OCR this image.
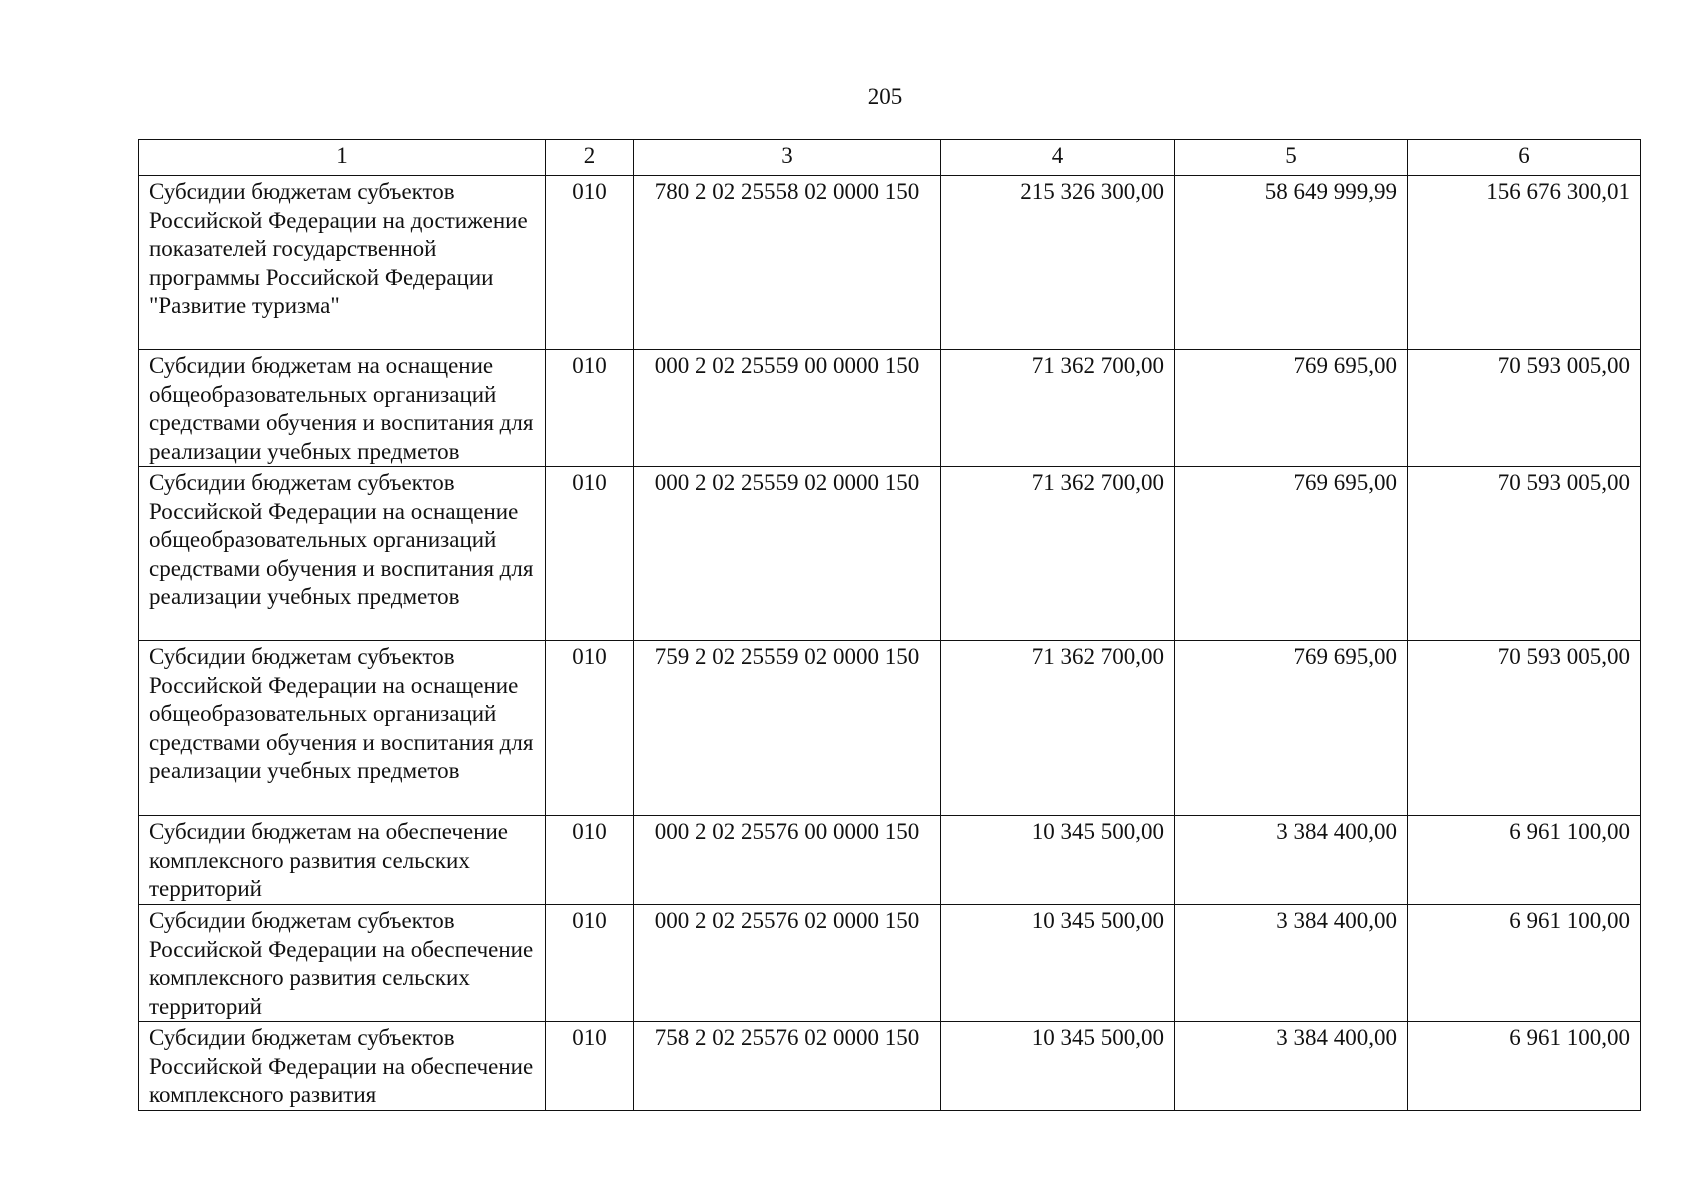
205
1	2	3	4	5	6
Субсидии бюджетам субъектов Российской Федерации на достижение показателей государственной программы Российской Федерации "Развитие туризма"	010	780 2 02 25558 02 0000 150	215 326 300,00	58 649 999,99	156 676 300,01
Субсидии бюджетам на оснащение общеобразовательных организаций средствами обучения и воспитания для реализации учебных предметов	010	000 2 02 25559 00 0000 150	71 362 700,00	769 695,00	70 593 005,00
Субсидии бюджетам субъектов Российской Федерации на оснащение общеобразовательных организаций средствами обучения и воспитания для реализации учебных предметов	010	000 2 02 25559 02 0000 150	71 362 700,00	769 695,00	70 593 005,00
Субсидии бюджетам субъектов Российской Федерации на оснащение общеобразовательных организаций средствами обучения и воспитания для реализации учебных предметов	010	759 2 02 25559 02 0000 150	71 362 700,00	769 695,00	70 593 005,00
Субсидии бюджетам на обеспечение комплексного развития сельских территорий	010	000 2 02 25576 00 0000 150	10 345 500,00	3 384 400,00	6 961 100,00
Субсидии бюджетам субъектов Российской Федерации на обеспечение комплексного развития сельских территорий	010	000 2 02 25576 02 0000 150	10 345 500,00	3 384 400,00	6 961 100,00
Субсидии бюджетам субъектов Российской Федерации на обеспечение комплексного развития	010	758 2 02 25576 02 0000 150	10 345 500,00	3 384 400,00	6 961 100,00
